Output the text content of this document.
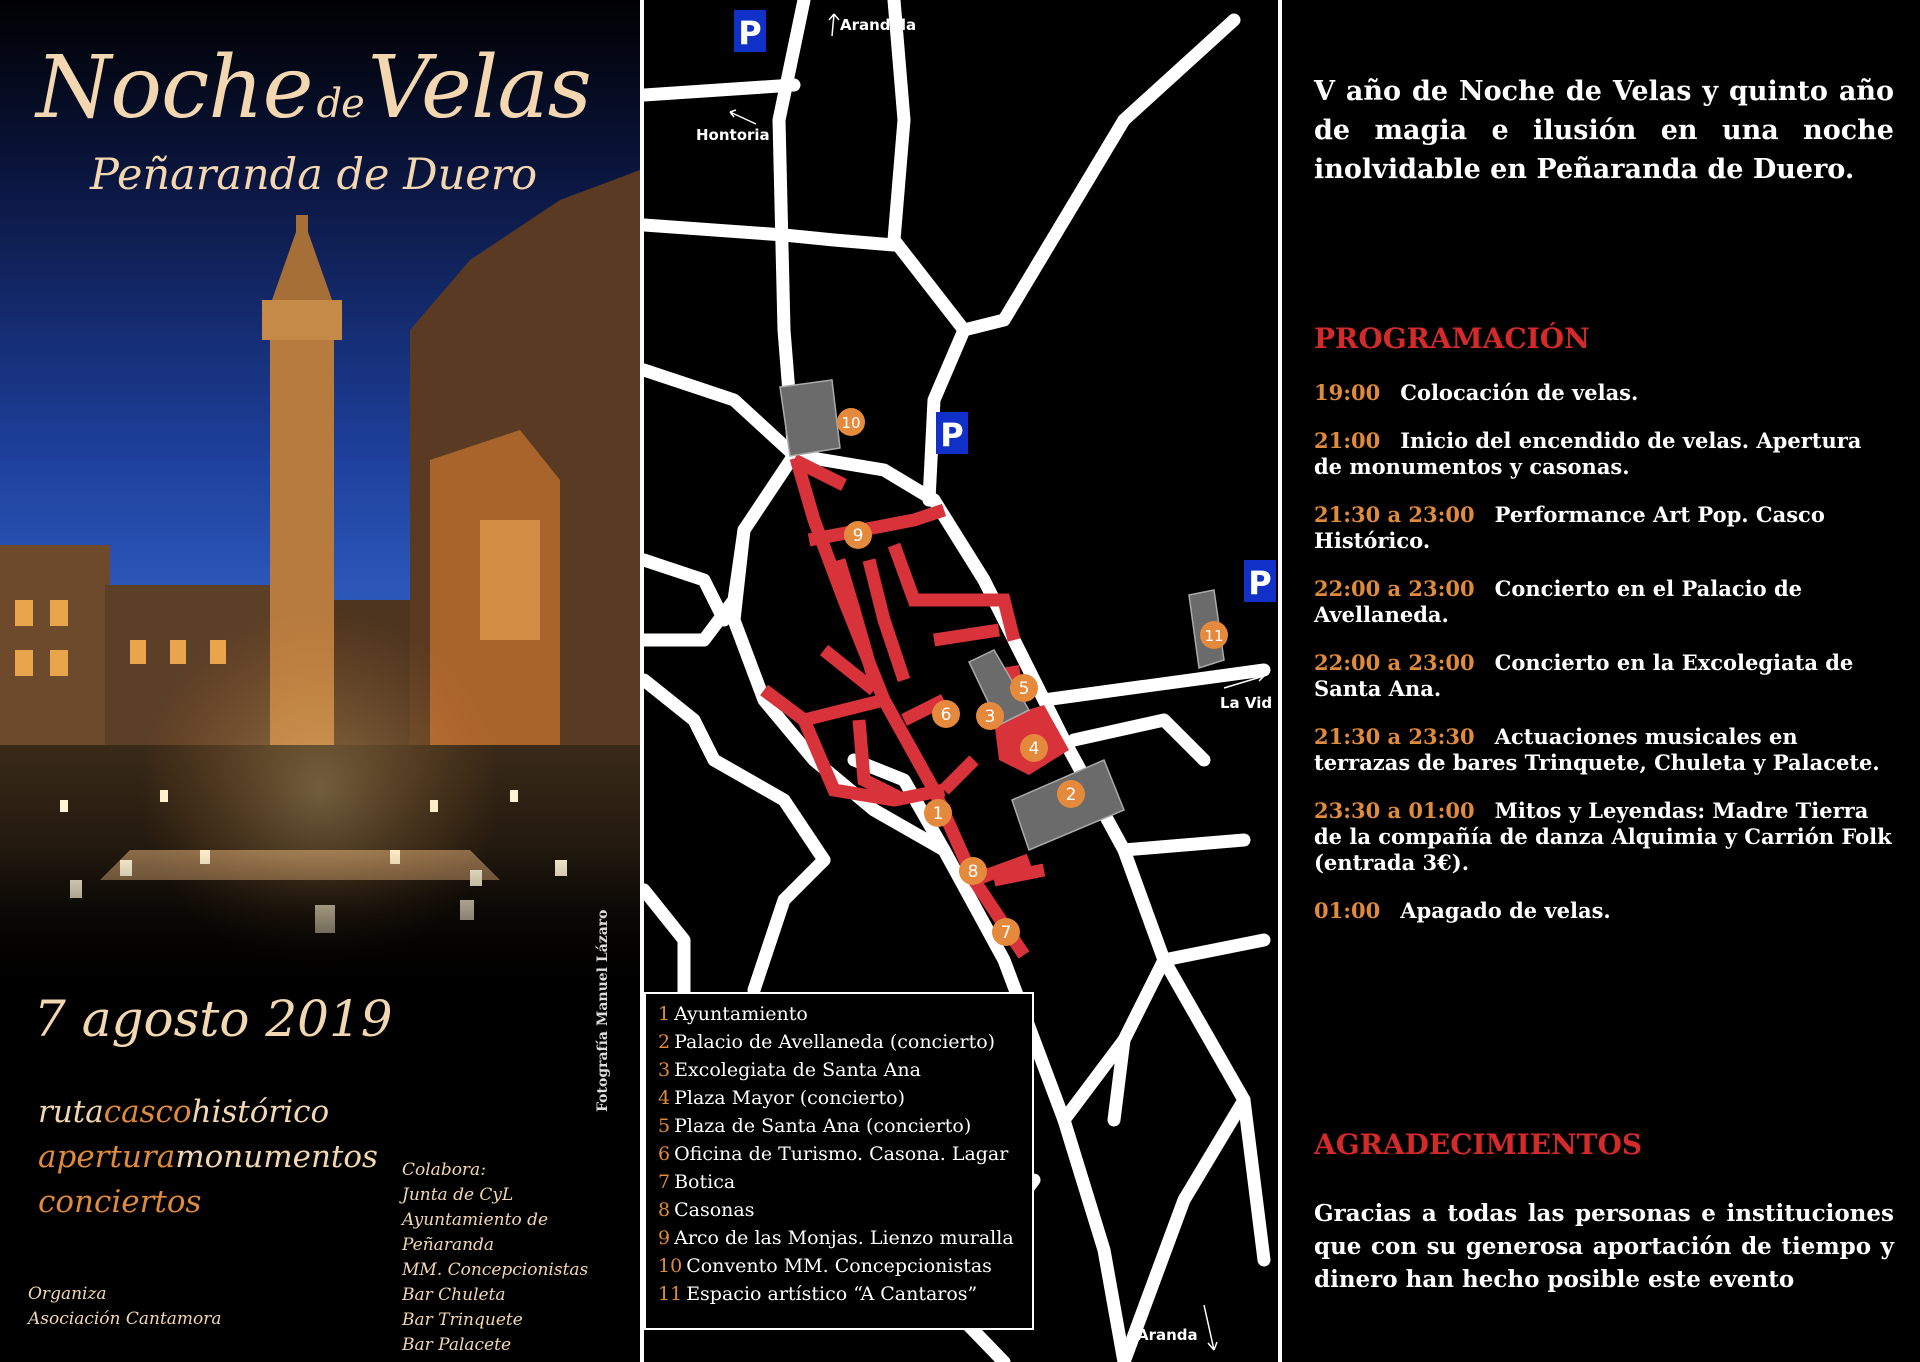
Noche deVelas
Peñaranda de Duero
7 agosto 2019
rutacascohistórico
aperturamonumentos
conciertos
Fotografía Manuel Lázaro
Colabora:
Junta de CyL
Ayuntamiento de Peñaranda
MM. Concepcionistas
Bar Chuleta
Bar Trinquete
Bar Palacete
Organiza
Asociación Cantamora
1
2
3
4
5
6
7
8
9
10
11
P
P
P
Arandilla
Hontoria
La Vid
Aranda
1 Ayuntamiento
2 Palacio de Avellaneda (concierto)
3 Excolegiata de Santa Ana
4 Plaza Mayor (concierto)
5 Plaza de Santa Ana (concierto)
6 Oficina de Turismo. Casona. Lagar
7 Botica
8 Casonas
9 Arco de las Monjas. Lienzo muralla
10 Convento MM. Concepcionistas
11 Espacio artístico “A Cantaros”
V año de Noche de Velas y quinto año de magia e ilusión en una noche inolvidable en Peñaranda de Duero.
PROGRAMACIÓN
19:00 Colocación de velas.
21:00 Inicio del encendido de velas. Apertura de monumentos y casonas.
21:30 a 23:00 Performance Art Pop. Casco Histórico.
22:00 a 23:00 Concierto en el Palacio de Avellaneda.
22:00 a 23:00 Concierto en la Excolegiata de Santa Ana.
21:30 a 23:30 Actuaciones musicales en terrazas de bares Trinquete, Chuleta y Palacete.
23:30 a 01:00 Mitos y Leyendas: Madre Tierra de la compañía de danza Alquimia y Carrión Folk (entrada 3€).
01:00 Apagado de velas.
AGRADECIMIENTOS
Gracias a todas las personas e instituciones que con su generosa aportación de tiempo y dinero han hecho posible este evento
